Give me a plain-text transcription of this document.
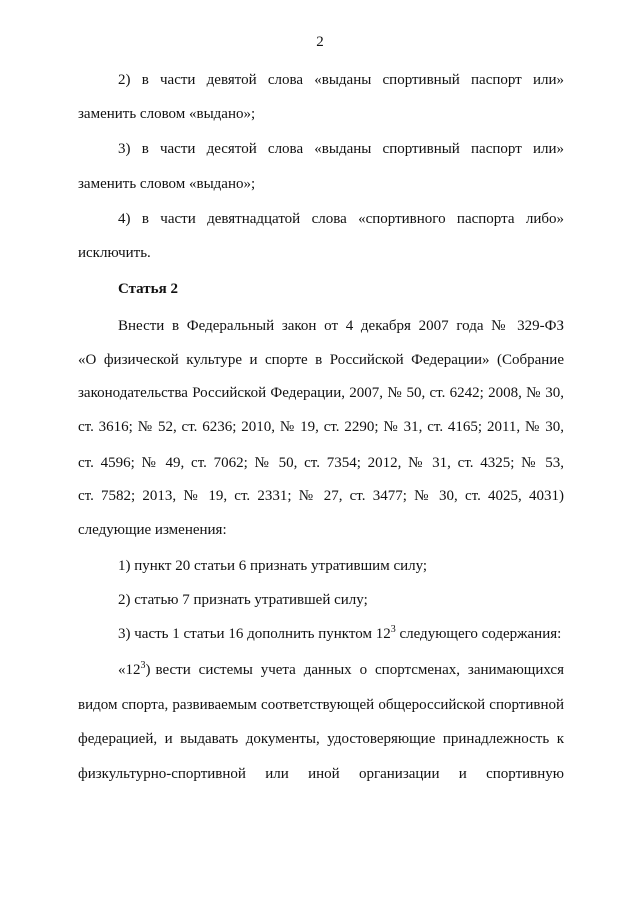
2
2) в части девятой слова «выданы спортивный паспорт или»
заменить словом «выдано»;
3) в части десятой слова «выданы спортивный паспорт или»
заменить словом «выдано»;
4) в части девятнадцатой слова «спортивного паспорта либо»
исключить.
Статья 2
Внести в Федеральный закон от 4 декабря 2007 года № 329-ФЗ
«О физической культуре и спорте в Российской Федерации» (Собрание
законодательства Российской Федерации, 2007, № 50, ст. 6242; 2008, № 30,
ст. 3616; № 52, ст. 6236; 2010, № 19, ст. 2290; № 31, ст. 4165; 2011, № 30,
ст. 4596; № 49, ст. 7062; № 50, ст. 7354; 2012, № 31, ст. 4325; № 53,
ст. 7582; 2013, № 19, ст. 2331; № 27, ст. 3477; № 30, ст. 4025, 4031)
следующие изменения:
1) пункт 20 статьи 6 признать утратившим силу;
2) статью 7 признать утратившей силу;
3) часть 1 статьи 16 дополнить пунктом $12^3$ следующего содержания:
«$12^3$) вести системы учета данных о спортсменах, занимающихся
видом спорта, развиваемым соответствующей общероссийской спортивной
федерацией, и выдавать документы, удостоверяющие принадлежность к
физкультурно-спортивной или иной организации и спортивную
